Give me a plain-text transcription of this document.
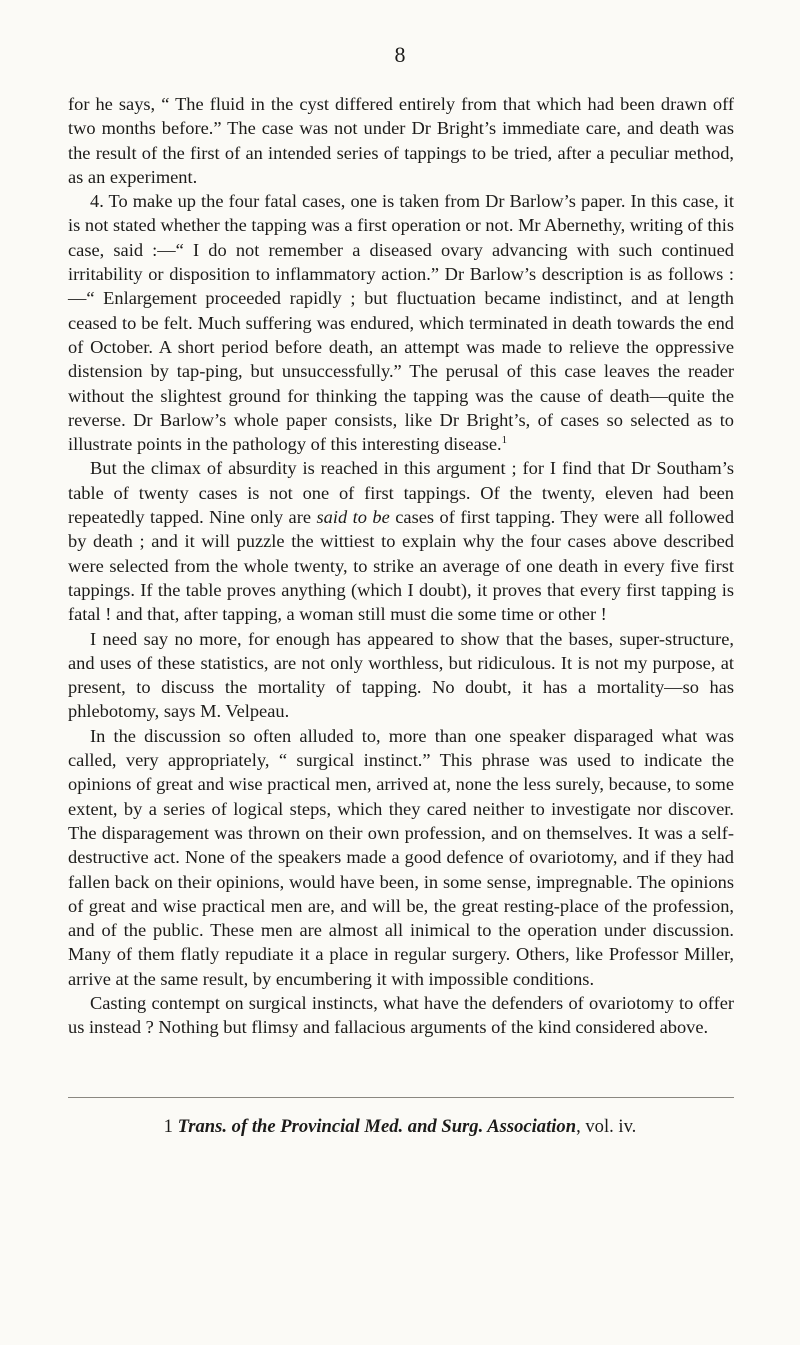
8

for he says, “ The fluid in the cyst differed entirely from that which had been drawn off two months before.” The case was not under Dr Bright’s immediate care, and death was the result of the first of an intended series of tappings to be tried, after a peculiar method, as an experiment.

4. To make up the four fatal cases, one is taken from Dr Barlow’s paper. In this case, it is not stated whether the tapping was a first operation or not. Mr Abernethy, writing of this case, said :—“ I do not remember a diseased ovary advancing with such continued irritability or disposition to inflammatory action.” Dr Barlow’s description is as follows :—“ Enlargement proceeded rapidly ; but fluctuation became indistinct, and at length ceased to be felt. Much suffering was endured, which terminated in death towards the end of October. A short period before death, an attempt was made to relieve the oppressive distension by tap-ping, but unsuccessfully.” The perusal of this case leaves the reader without the slightest ground for thinking the tapping was the cause of death—quite the reverse. Dr Barlow’s whole paper consists, like Dr Bright’s, of cases so selected as to illustrate points in the pathology of this interesting disease.$^1$

But the climax of absurdity is reached in this argument ; for I find that Dr Southam’s table of twenty cases is not one of first tappings. Of the twenty, eleven had been repeatedly tapped. Nine only are said to be cases of first tapping. They were all followed by death ; and it will puzzle the wittiest to explain why the four cases above described were selected from the whole twenty, to strike an average of one death in every five first tappings. If the table proves anything (which I doubt), it proves that every first tapping is fatal ! and that, after tapping, a woman still must die some time or other !

I need say no more, for enough has appeared to show that the bases, super-structure, and uses of these statistics, are not only worthless, but ridiculous. It is not my purpose, at present, to discuss the mortality of tapping. No doubt, it has a mortality—so has phlebotomy, says M. Velpeau.

In the discussion so often alluded to, more than one speaker disparaged what was called, very appropriately, “ surgical instinct.” This phrase was used to indicate the opinions of great and wise practical men, arrived at, none the less surely, because, to some extent, by a series of logical steps, which they cared neither to investigate nor discover. The disparagement was thrown on their own profession, and on themselves. It was a self-destructive act. None of the speakers made a good defence of ovariotomy, and if they had fallen back on their opinions, would have been, in some sense, impregnable. The opinions of great and wise practical men are, and will be, the great resting-place of the profession, and of the public. These men are almost all inimical to the operation under discussion. Many of them flatly repudiate it a place in regular surgery. Others, like Professor Miller, arrive at the same result, by encumbering it with impossible conditions.

Casting contempt on surgical instincts, what have the defenders of ovariotomy to offer us instead ? Nothing but flimsy and fallacious arguments of the kind considered above.

1 Trans. of the Provincial Med. and Surg. Association, vol. iv.
